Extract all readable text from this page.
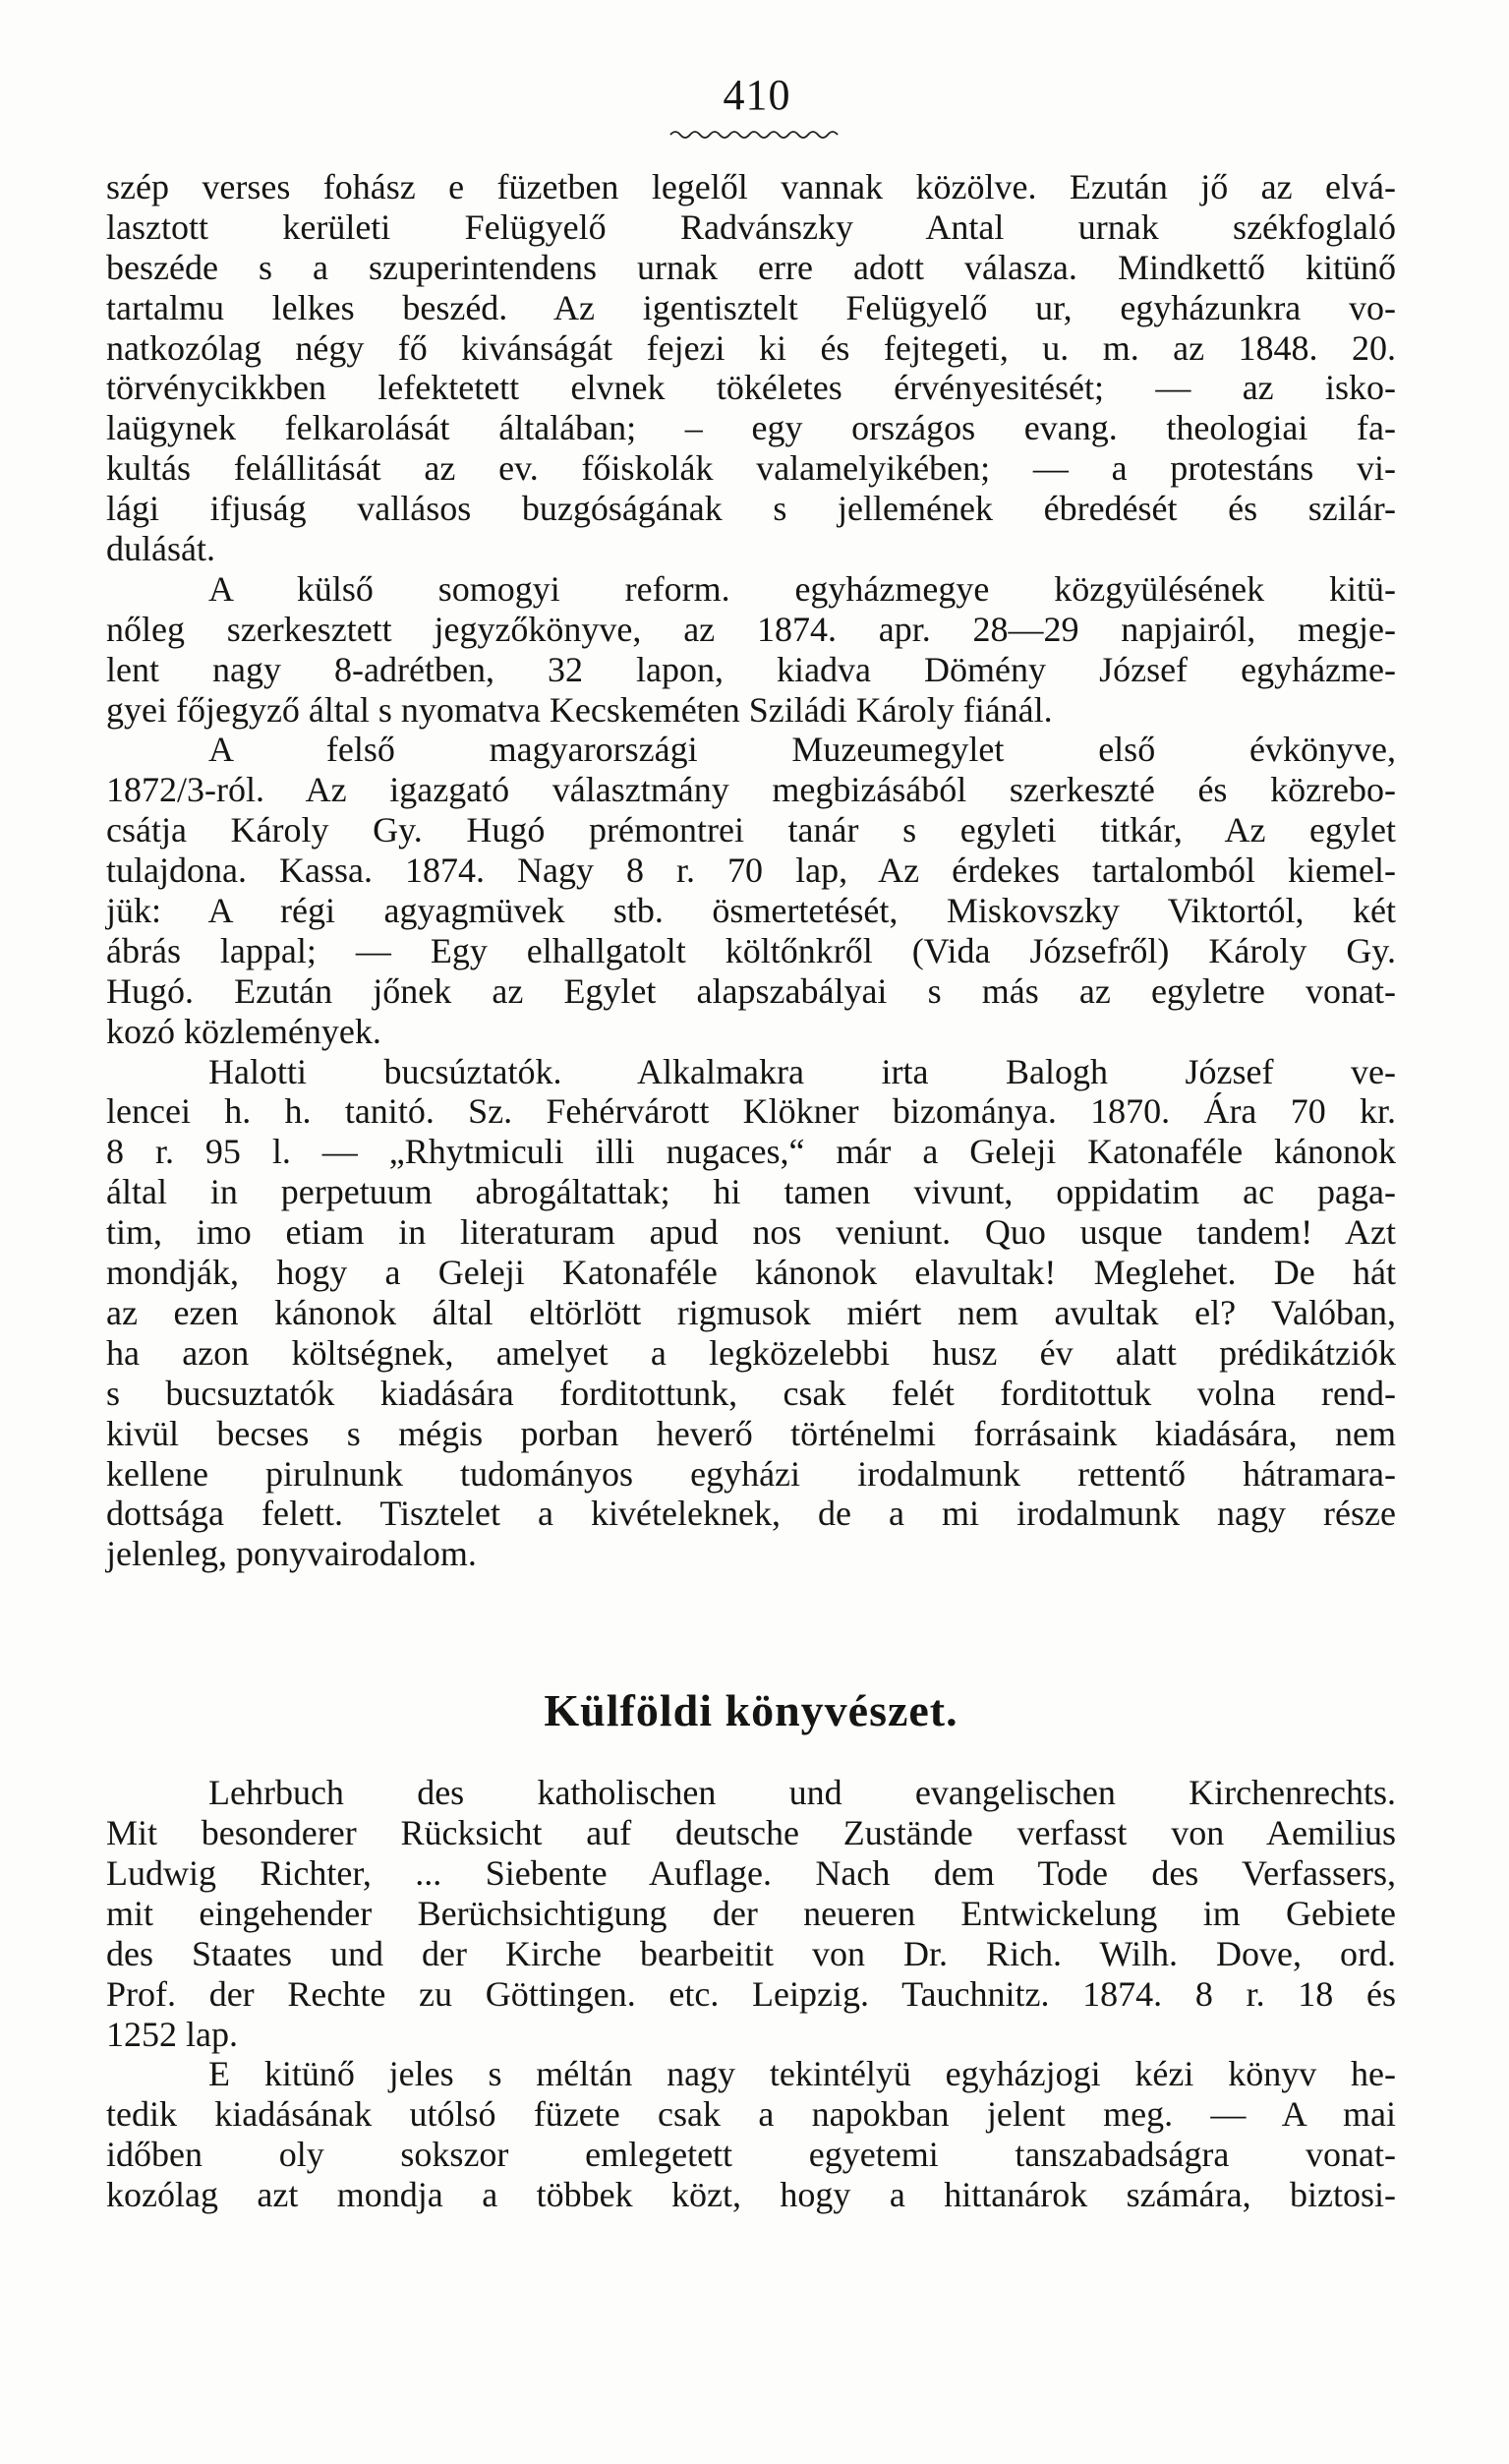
410
szép verses fohász e füzetben legelől vannak közölve. Ezután jő az elvá-
lasztott kerületi Felügyelő Radvánszky Antal urnak székfoglaló
beszéde s a szuperintendens urnak erre adott válasza. Mindkettő kitünő
tartalmu lelkes beszéd. Az igentisztelt Felügyelő ur, egyházunkra vo-
natkozólag négy fő kivánságát fejezi ki és fejtegeti, u. m. az 1848. 20.
törvénycikkben lefektetett elvnek tökéletes érvényesitését; — az isko-
laügynek felkarolását általában; – egy országos evang. theologiai fa-
kultás felállitását az ev. főiskolák valamelyikében; — a protestáns vi-
lági ifjuság vallásos buzgóságának s jellemének ébredését és szilár-
dulását.
A külső somogyi reform. egyházmegye közgyülésének kitü-
nőleg szerkesztett jegyzőkönyve, az 1874. apr. 28—29 napjairól, megje-
lent nagy 8-adrétben, 32 lapon, kiadva Dömény József egyházme-
gyei főjegyző által s nyomatva Kecskeméten Sziládi Károly fiánál.
A felső magyarországi Muzeumegylet első évkönyve,
1872/3-ról. Az igazgató választmány megbizásából szerkeszté és közrebo-
csátja Károly Gy. Hugó prémontrei tanár s egyleti titkár, Az egylet
tulajdona. Kassa. 1874. Nagy 8 r. 70 lap, Az érdekes tartalomból kiemel-
jük: A régi agyagmüvek stb. ösmertetését, Miskovszky Viktortól, két
ábrás lappal; — Egy elhallgatolt költőnkről (Vida Józsefről) Károly Gy.
Hugó. Ezután jőnek az Egylet alapszabályai s más az egyletre vonat-
kozó közlemények.
Halotti bucsúztatók. Alkalmakra irta Balogh József ve-
lencei h. h. tanitó. Sz. Fehérvárott Klökner bizománya. 1870. Ára 70 kr.
8 r. 95 l. — „Rhytmiculi illi nugaces,“ már a Geleji Katonaféle kánonok
által in perpetuum abrogáltattak; hi tamen vivunt, oppidatim ac paga-
tim, imo etiam in literaturam apud nos veniunt. Quo usque tandem! Azt
mondják, hogy a Geleji Katonaféle kánonok elavultak! Meglehet. De hát
az ezen kánonok által eltörlött rigmusok miért nem avultak el? Valóban,
ha azon költségnek, amelyet a legközelebbi husz év alatt prédikátziók
s bucsuztatók kiadására forditottunk, csak felét forditottuk volna rend-
kivül becses s mégis porban heverő történelmi forrásaink kiadására, nem
kellene pirulnunk tudományos egyházi irodalmunk rettentő hátramara-
dottsága felett. Tisztelet a kivételeknek, de a mi irodalmunk nagy része
jelenleg, ponyvairodalom.
Külföldi könyvészet.
Lehrbuch des katholischen und evangelischen Kirchenrechts.
Mit besonderer Rücksicht auf deutsche Zustände verfasst von Aemilius
Ludwig Richter, ... Siebente Auflage. Nach dem Tode des Verfassers,
mit eingehender Berüchsichtigung der neueren Entwickelung im Gebiete
des Staates und der Kirche bearbeitit von Dr. Rich. Wilh. Dove, ord.
Prof. der Rechte zu Göttingen. etc. Leipzig. Tauchnitz. 1874. 8 r. 18 és
1252 lap.
E kitünő jeles s méltán nagy tekintélyü egyházjogi kézi könyv he-
tedik kiadásának utólsó füzete csak a napokban jelent meg. — A mai
időben oly sokszor emlegetett egyetemi tanszabadságra vonat-
kozólag azt mondja a többek közt, hogy a hittanárok számára, biztosi-
